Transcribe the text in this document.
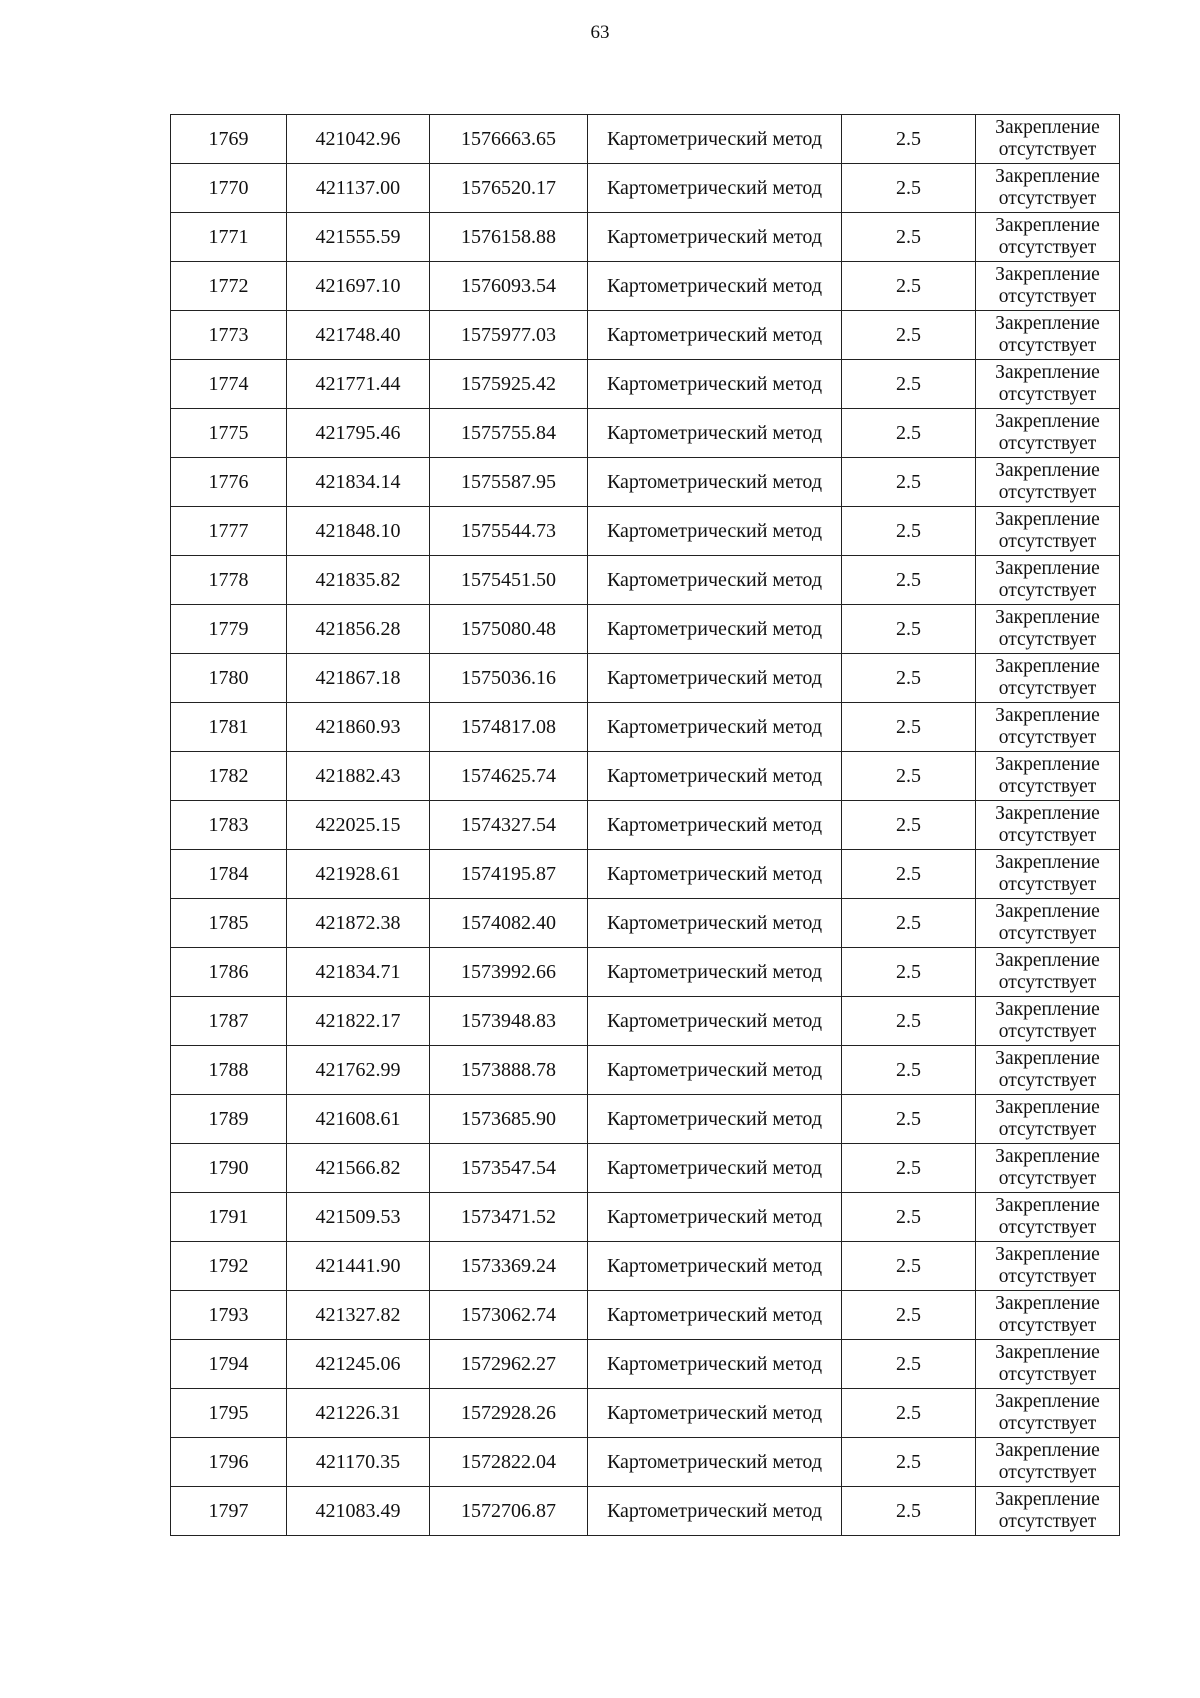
63
1769	421042.96	1576663.65	Картометрический метод	2.5	Закрепление отсутствует
1770	421137.00	1576520.17	Картометрический метод	2.5	Закрепление отсутствует
1771	421555.59	1576158.88	Картометрический метод	2.5	Закрепление отсутствует
1772	421697.10	1576093.54	Картометрический метод	2.5	Закрепление отсутствует
1773	421748.40	1575977.03	Картометрический метод	2.5	Закрепление отсутствует
1774	421771.44	1575925.42	Картометрический метод	2.5	Закрепление отсутствует
1775	421795.46	1575755.84	Картометрический метод	2.5	Закрепление отсутствует
1776	421834.14	1575587.95	Картометрический метод	2.5	Закрепление отсутствует
1777	421848.10	1575544.73	Картометрический метод	2.5	Закрепление отсутствует
1778	421835.82	1575451.50	Картометрический метод	2.5	Закрепление отсутствует
1779	421856.28	1575080.48	Картометрический метод	2.5	Закрепление отсутствует
1780	421867.18	1575036.16	Картометрический метод	2.5	Закрепление отсутствует
1781	421860.93	1574817.08	Картометрический метод	2.5	Закрепление отсутствует
1782	421882.43	1574625.74	Картометрический метод	2.5	Закрепление отсутствует
1783	422025.15	1574327.54	Картометрический метод	2.5	Закрепление отсутствует
1784	421928.61	1574195.87	Картометрический метод	2.5	Закрепление отсутствует
1785	421872.38	1574082.40	Картометрический метод	2.5	Закрепление отсутствует
1786	421834.71	1573992.66	Картометрический метод	2.5	Закрепление отсутствует
1787	421822.17	1573948.83	Картометрический метод	2.5	Закрепление отсутствует
1788	421762.99	1573888.78	Картометрический метод	2.5	Закрепление отсутствует
1789	421608.61	1573685.90	Картометрический метод	2.5	Закрепление отсутствует
1790	421566.82	1573547.54	Картометрический метод	2.5	Закрепление отсутствует
1791	421509.53	1573471.52	Картометрический метод	2.5	Закрепление отсутствует
1792	421441.90	1573369.24	Картометрический метод	2.5	Закрепление отсутствует
1793	421327.82	1573062.74	Картометрический метод	2.5	Закрепление отсутствует
1794	421245.06	1572962.27	Картометрический метод	2.5	Закрепление отсутствует
1795	421226.31	1572928.26	Картометрический метод	2.5	Закрепление отсутствует
1796	421170.35	1572822.04	Картометрический метод	2.5	Закрепление отсутствует
1797	421083.49	1572706.87	Картометрический метод	2.5	Закрепление отсутствует
